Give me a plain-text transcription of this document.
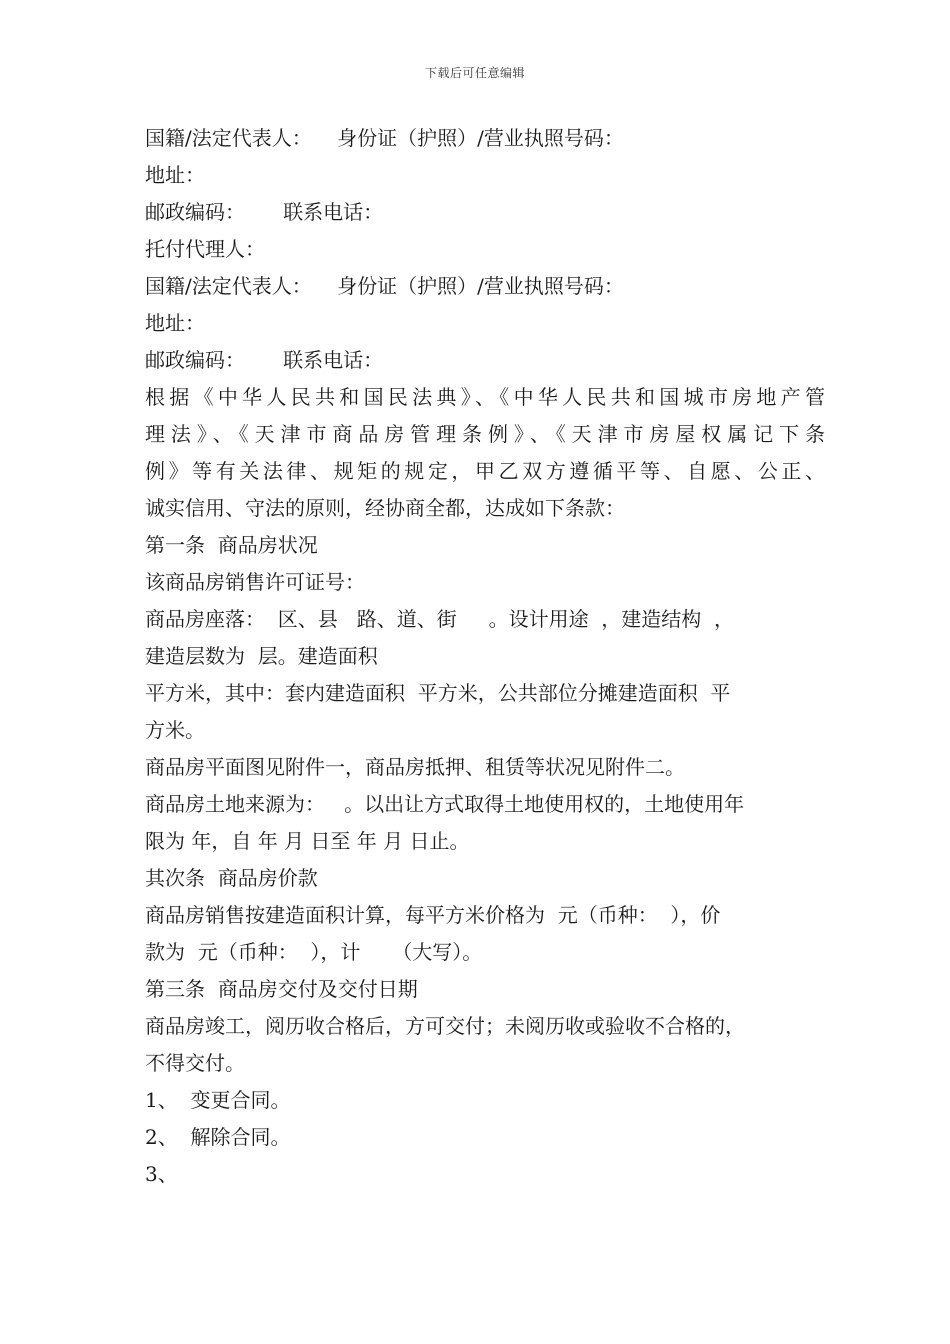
下载后可任意编辑
国籍/法定代表人：    身份证（护照）/营业执照号码：
地址：
邮政编码：      联系电话：
托付代理人：
国籍/法定代表人：    身份证（护照）/营业执照号码：
地址：
邮政编码：      联系电话：
根据《中华人民共和国民法典》、《中华人民共和国城市房地产管
理法》、《天津市商品房管理条例》、《天津市房屋权属记下条
例》等有关法律、规矩的规定，甲乙双方遵循平等、自愿、公正、
诚实信用、守法的原则，经协商全都，达成如下条款：
第一条  商品房状况
该商品房销售许可证号：
商品房座落：  区、县   路、道、街     。设计用途  ，建造结构  ，
建造层数为  层。建造面积
平方米，其中：套内建造面积  平方米，公共部位分摊建造面积  平
方米。
商品房平面图见附件一，商品房抵押、租赁等状况见附件二。
商品房土地来源为：   。以出让方式取得土地使用权的，土地使用年
限为 年，自 年 月 日至 年 月 日止。
其次条  商品房价款
商品房销售按建造面积计算，每平方米价格为  元（币种：  ），价
款为  元（币种：  ），计     （大写）。
第三条  商品房交付及交付日期
商品房竣工，阅历收合格后，方可交付；未阅历收或验收不合格的，
不得交付。
1、  变更合同。
2、  解除合同。
3、
